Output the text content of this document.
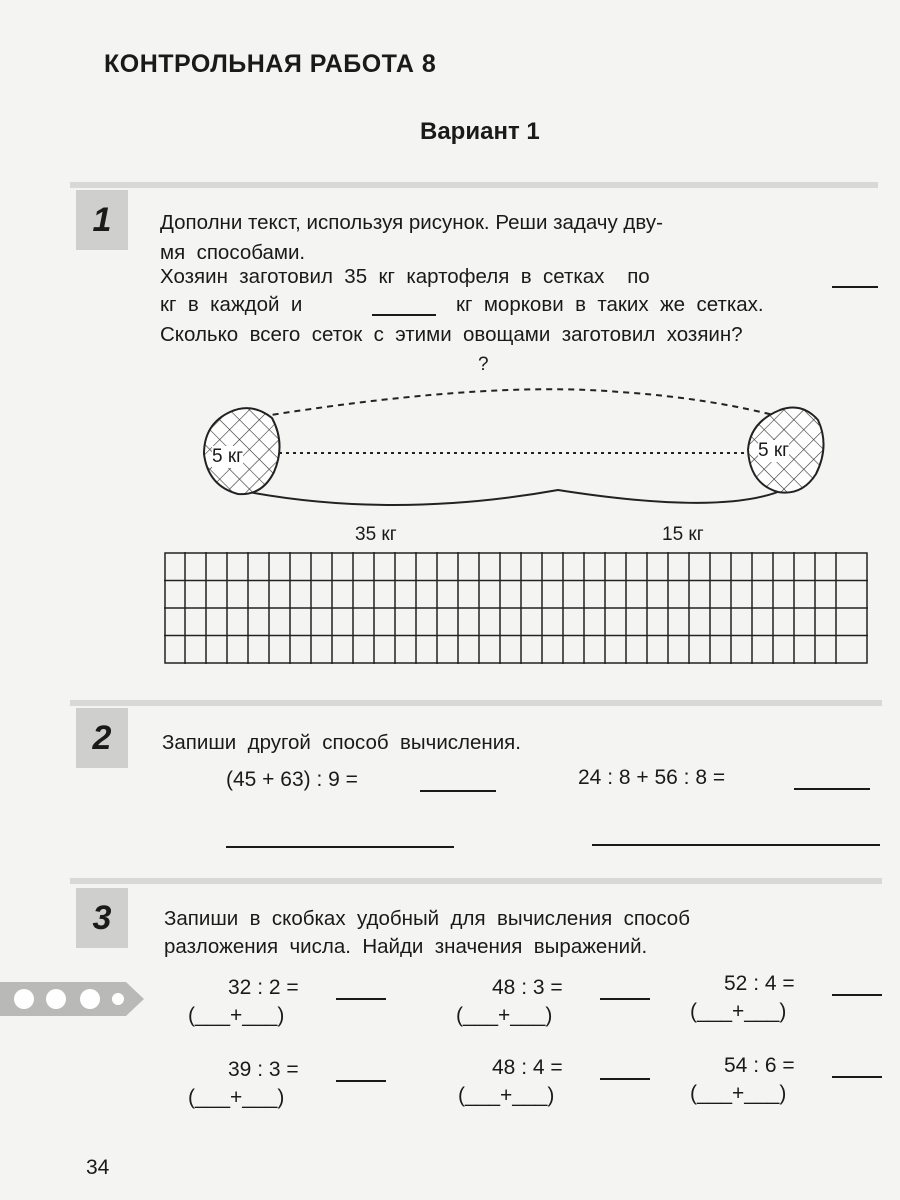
КОНТРОЛЬНАЯ РАБОТА 8
Вариант 1
1	Дополни текст, используя рисунок. Реши задачу дву-
мя  способами.
Хозяин  заготовил  35  кг  картофеля  в  сетках    по
кг  в  каждой  и	кг  моркови  в  таких  же  сетках.
Сколько  всего  сеток  с  этими  овощами  заготовил  хозяин?
?
5 кг	5 кг
35 кг	15 кг
2	Запиши  другой  способ  вычисления.
(45 + 63) : 9 =	24 : 8 + 56 : 8 =
3	Запиши  в  скобках  удобный  для  вычисления  способ
разложения  числа.  Найди  значения  выражений.
32 : 2 =
(___+___)
48 : 3 =
(___+___)
52 : 4 =
(___+___)
39 : 3 =
(___+___)
48 : 4 =
(___+___)
54 : 6 =
(___+___)
34
